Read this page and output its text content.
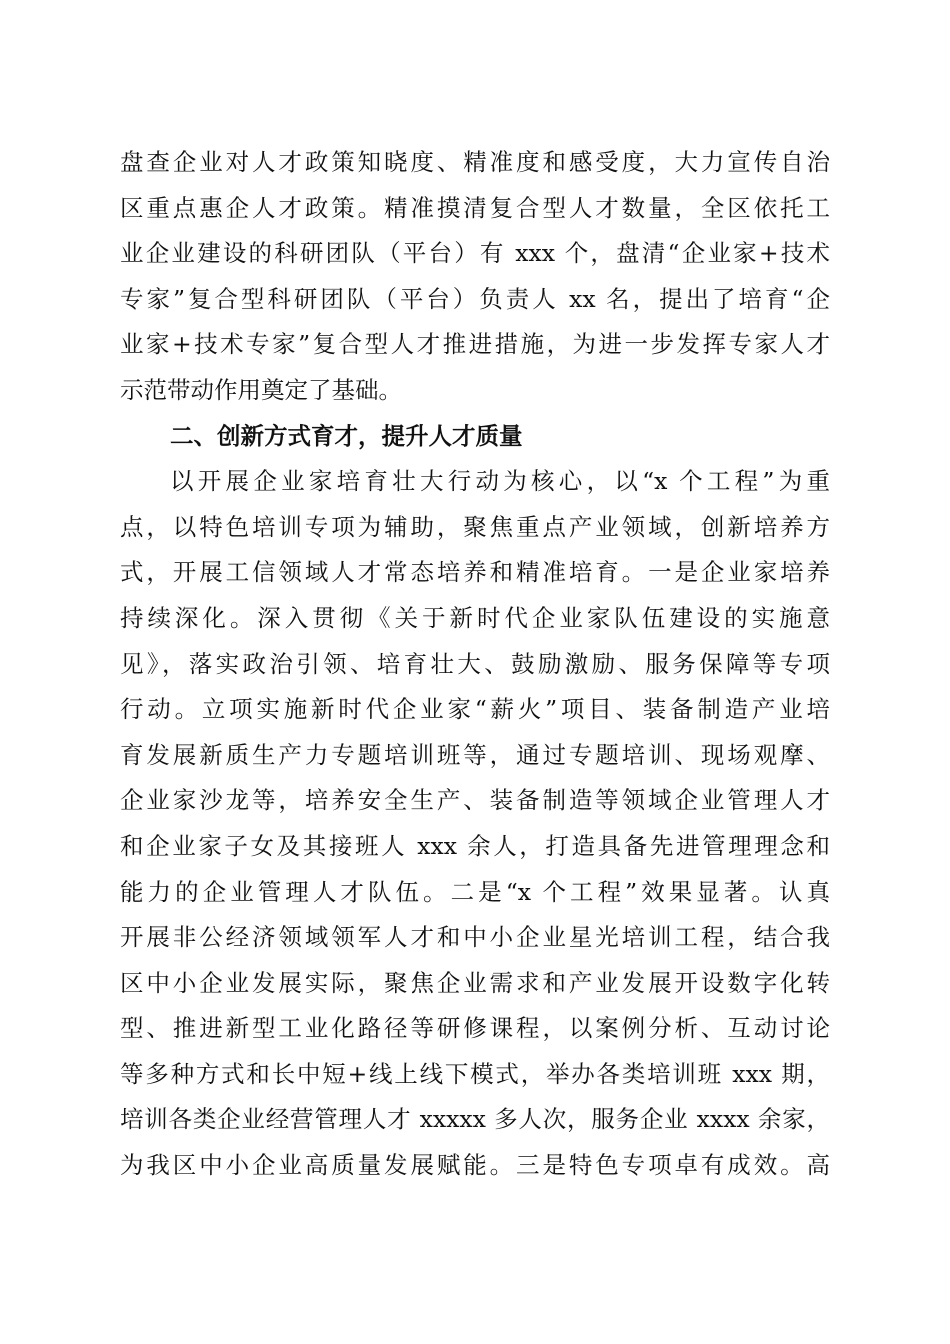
盘查企业对人才政策知晓度、精准度和感受度，大力宣传自治
区重点惠企人才政策。精准摸清复合型人才数量，全区依托工
业企业建设的科研团队（平台）有 xxx 个，盘清“企业家+技术
专家”复合型科研团队（平台）负责人 xx 名，提出了培育“企
业家+技术专家”复合型人才推进措施，为进一步发挥专家人才
示范带动作用奠定了基础。
二、创新方式育才，提升人才质量
以开展企业家培育壮大行动为核心，以“x 个工程”为重
点，以特色培训专项为辅助，聚焦重点产业领域，创新培养方
式，开展工信领域人才常态培养和精准培育。一是企业家培养
持续深化。深入贯彻《关于新时代企业家队伍建设的实施意
见》，落实政治引领、培育壮大、鼓励激励、服务保障等专项
行动。立项实施新时代企业家“薪火”项目、装备制造产业培
育发展新质生产力专题培训班等，通过专题培训、现场观摩、
企业家沙龙等，培养安全生产、装备制造等领域企业管理人才
和企业家子女及其接班人 xxx 余人，打造具备先进管理理念和
能力的企业管理人才队伍。二是“x 个工程”效果显著。认真
开展非公经济领域领军人才和中小企业星光培训工程，结合我
区中小企业发展实际，聚焦企业需求和产业发展开设数字化转
型、推进新型工业化路径等研修课程，以案例分析、互动讨论
等多种方式和长中短+线上线下模式，举办各类培训班 xxx 期，
培训各类企业经营管理人才 xxxxx 多人次，服务企业 xxxx 余家，
为我区中小企业高质量发展赋能。三是特色专项卓有成效。高
